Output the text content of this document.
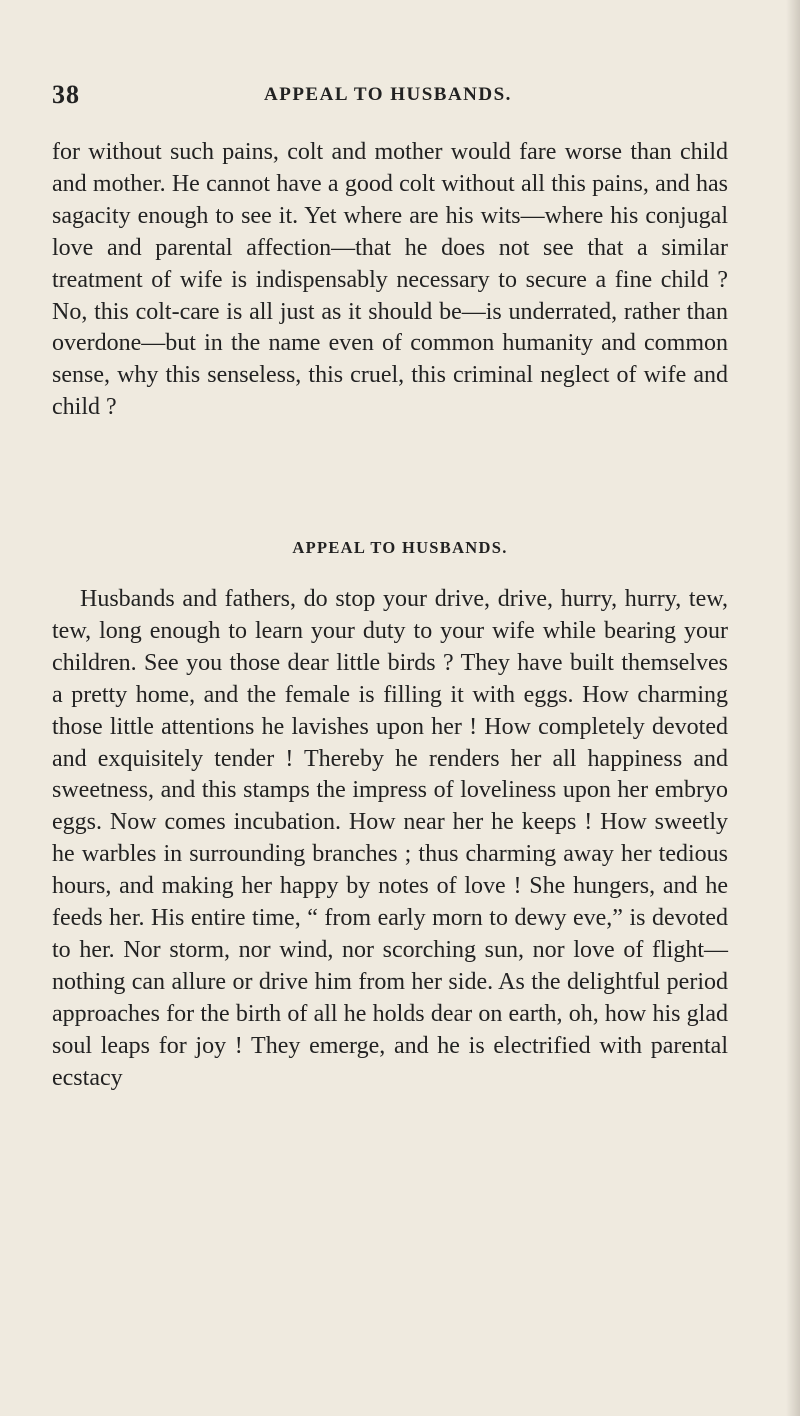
38	APPEAL TO HUSBANDS.

for without such pains, colt and mother would fare worse than child and mother. He cannot have a good colt without all this pains, and has sagacity enough to see it. Yet where are his wits—where his conjugal love and parental affection—that he does not see that a similar treatment of wife is indispensably necessary to secure a fine child ? No, this colt-care is all just as it should be—is underrated, rather than overdone—but in the name even of common humanity and common sense, why this senseless, this cruel, this criminal neglect of wife and child ?

APPEAL TO HUSBANDS.

Husbands and fathers, do stop your drive, drive, hurry, hurry, tew, tew, long enough to learn your duty to your wife while bearing your children. See you those dear little birds ? They have built themselves a pretty home, and the female is filling it with eggs. How charming those little attentions he lavishes upon her ! How completely devoted and exquisitely tender ! Thereby he renders her all happiness and sweetness, and this stamps the impress of loveliness upon her embryo eggs. Now comes incubation. How near her he keeps ! How sweetly he warbles in surrounding branches ; thus charming away her tedious hours, and making her happy by notes of love ! She hungers, and he feeds her. His entire time, “ from early morn to dewy eve,” is devoted to her. Nor storm, nor wind, nor scorching sun, nor love of flight—nothing can allure or drive him from her side. As the delightful period approaches for the birth of all he holds dear on earth, oh, how his glad soul leaps for joy ! They emerge, and he is electrified with parental ecstacy
